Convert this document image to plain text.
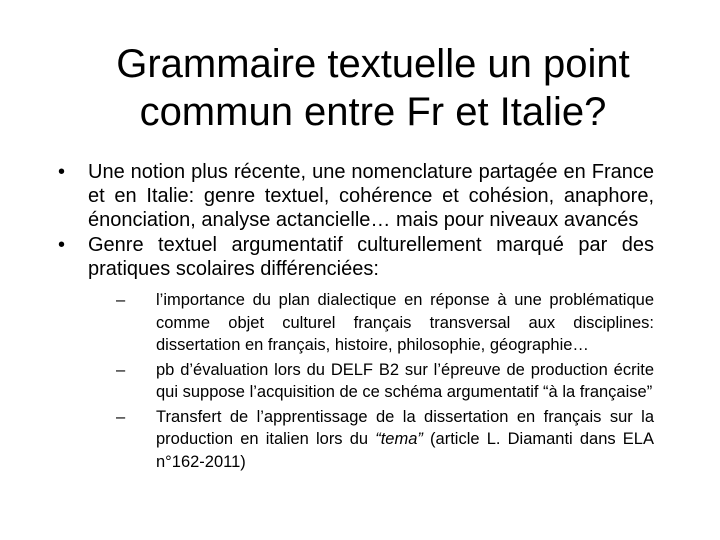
Grammaire textuelle un point commun entre Fr et Italie?

•	Une notion plus récente, une nomenclature partagée en France et en Italie: genre textuel, cohérence et cohésion, anaphore, énonciation, analyse actancielle… mais pour niveaux avancés

•	Genre textuel argumentatif culturellement marqué par des pratiques scolaires différenciées:

–	l’importance du plan dialectique en réponse à une problématique comme objet culturel français transversal aux disciplines: dissertation en français, histoire, philosophie, géographie…

–	pb d’évaluation lors du DELF B2 sur l’épreuve de production écrite qui suppose l’acquisition de ce schéma argumentatif “à la française”

–	Transfert de l’apprentissage de la dissertation en français sur la production en italien lors du “tema” (article L. Diamanti dans ELA n°162-2011)
